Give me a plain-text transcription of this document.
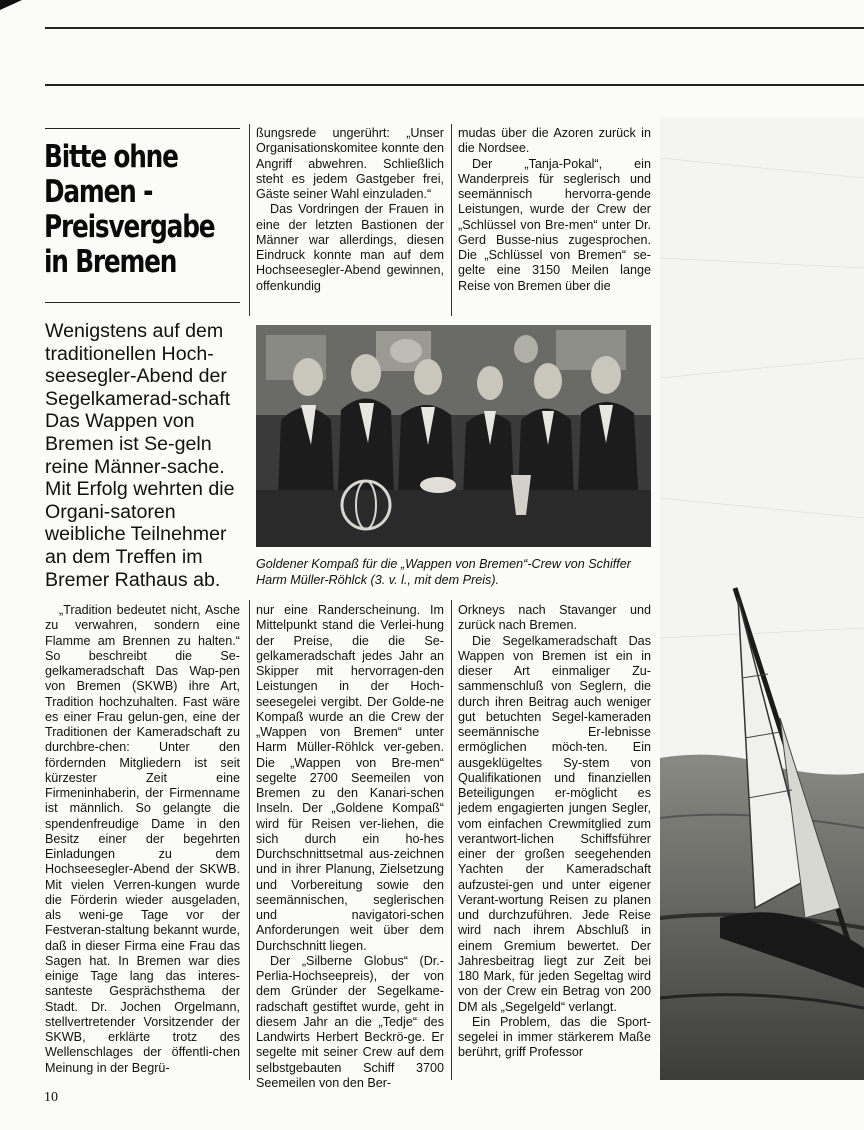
Bitte ohne
Damen -
Preisvergabe
in Bremen

Wenigstens auf dem traditionellen Hoch-seesegler-Abend der Segelkamerad-schaft Das Wappen von Bremen ist Se-geln reine Männer-sache. Mit Erfolg wehrten die Organi-satoren weibliche Teilnehmer an dem Treffen im Bremer Rathaus ab.

ßungsrede ungerührt: „Unser Organisationskomitee konnte den Angriff abwehren. Schließlich steht es jedem Gastgeber frei, Gäste seiner Wahl einzuladen.“

Das Vordringen der Frauen in eine der letzten Bastionen der Männer war allerdings, diesen Eindruck konnte man auf dem Hochseesegler-Abend gewinnen, offenkundig

mudas über die Azoren zurück in die Nordsee.

Der „Tanja-Pokal“, ein Wanderpreis für seglerisch und seemännisch hervorra-gende Leistungen, wurde der Crew der „Schlüssel von Bre-men“ unter Dr. Gerd Busse-nius zugesprochen. Die „Schlüssel von Bremen“ se-gelte eine 3150 Meilen lange Reise von Bremen über die

Goldener Kompaß für die „Wappen von Bremen“-Crew von Schiffer Harm Müller-Röhlck (3. v. l., mit dem Preis).

„Tradition bedeutet nicht, Asche zu verwahren, sondern eine Flamme am Brennen zu halten.“ So beschreibt die Se-gelkameradschaft Das Wap-pen von Bremen (SKWB) ihre Art, Tradition hochzuhalten. Fast wäre es einer Frau gelun-gen, eine der Traditionen der Kameradschaft zu durchbre-chen: Unter den fördernden Mitgliedern ist seit kürzester Zeit eine Firmeninhaberin, der Firmenname ist männlich. So gelangte die spendenfreudige Dame in den Besitz einer der begehrten Einladungen zu dem Hochseesegler-Abend der SKWB. Mit vielen Verren-kungen wurde die Förderin wieder ausgeladen, als weni-ge Tage vor der Festveran-staltung bekannt wurde, daß in dieser Firma eine Frau das Sagen hat. In Bremen war dies einige Tage lang das interes-santeste Gesprächsthema der Stadt. Dr. Jochen Orgelmann, stellvertretender Vorsitzender der SKWB, erklärte trotz des Wellenschlages der öffentli-chen Meinung in der Begrü-

nur eine Randerscheinung. Im Mittelpunkt stand die Verlei-hung der Preise, die die Se-gelkameradschaft jedes Jahr an Skipper mit hervorragen-den Leistungen in der Hoch-seesegelei vergibt. Der Golde-ne Kompaß wurde an die Crew der „Wappen von Bremen“ unter Harm Müller-Röhlck ver-geben. Die „Wappen von Bre-men“ segelte 2700 Seemeilen von Bremen zu den Kanari-schen Inseln. Der „Goldene Kompaß“ wird für Reisen ver-liehen, die sich durch ein ho-hes Durchschnittsetmal aus-zeichnen und in ihrer Planung, Zielsetzung und Vorbereitung sowie den seemännischen, seglerischen und navigatori-schen Anforderungen weit über dem Durchschnitt liegen.

Der „Silberne Globus“ (Dr.-Perlia-Hochseepreis), der von dem Gründer der Segelkame-radschaft gestiftet wurde, geht in diesem Jahr an die „Tedje“ des Landwirts Herbert Beckrö-ge. Er segelte mit seiner Crew auf dem selbstgebauten Schiff 3700 Seemeilen von den Ber-

Orkneys nach Stavanger und zurück nach Bremen.

Die Segelkameradschaft Das Wappen von Bremen ist ein in dieser Art einmaliger Zu-sammenschluß von Seglern, die durch ihren Beitrag auch weniger gut betuchten Segel-kameraden seemännische Er-lebnisse ermöglichen möch-ten. Ein ausgeklügeltes Sy-stem von Qualifikationen und finanziellen Beteiligungen er-möglicht es jedem engagierten jungen Segler, vom einfachen Crewmitglied zum verantwort-lichen Schiffsführer einer der großen seegehenden Yachten der Kameradschaft aufzustei-gen und unter eigener Verant-wortung Reisen zu planen und durchzuführen. Jede Reise wird nach ihrem Abschluß in einem Gremium bewertet. Der Jahresbeitrag liegt zur Zeit bei 180 Mark, für jeden Segeltag wird von der Crew ein Betrag von 200 DM als „Segelgeld“ verlangt.

Ein Problem, das die Sport-segelei in immer stärkerem Maße berührt, griff Professor

10
